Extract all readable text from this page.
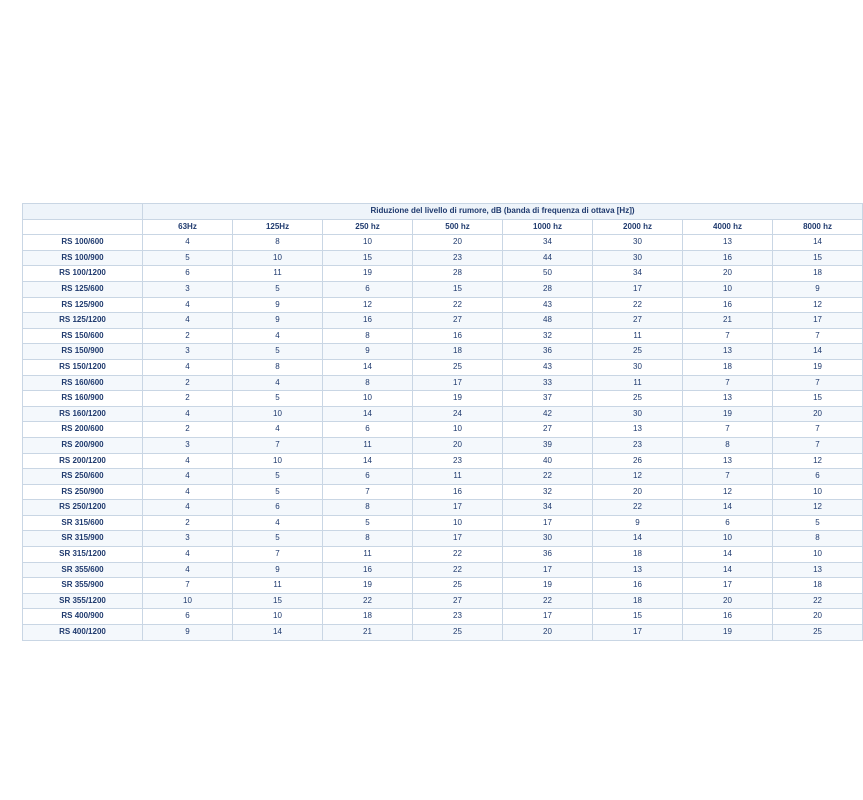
	Riduzione del livello di rumore, dB (banda di frequenza di ottava [Hz])							
	63Hz	125Hz	250 hz	500 hz	1000 hz	2000 hz	4000 hz	8000 hz
RS 100/600	4	8	10	20	34	30	13	14
RS 100/900	5	10	15	23	44	30	16	15
RS 100/1200	6	11	19	28	50	34	20	18
RS 125/600	3	5	6	15	28	17	10	9
RS 125/900	4	9	12	22	43	22	16	12
RS 125/1200	4	9	16	27	48	27	21	17
RS 150/600	2	4	8	16	32	11	7	7
RS 150/900	3	5	9	18	36	25	13	14
RS 150/1200	4	8	14	25	43	30	18	19
RS 160/600	2	4	8	17	33	11	7	7
RS 160/900	2	5	10	19	37	25	13	15
RS 160/1200	4	10	14	24	42	30	19	20
RS 200/600	2	4	6	10	27	13	7	7
RS 200/900	3	7	11	20	39	23	8	7
RS 200/1200	4	10	14	23	40	26	13	12
RS 250/600	4	5	6	11	22	12	7	6
RS 250/900	4	5	7	16	32	20	12	10
RS 250/1200	4	6	8	17	34	22	14	12
SR 315/600	2	4	5	10	17	9	6	5
SR 315/900	3	5	8	17	30	14	10	8
SR 315/1200	4	7	11	22	36	18	14	10
SR 355/600	4	9	16	22	17	13	14	13
SR 355/900	7	11	19	25	19	16	17	18
SR 355/1200	10	15	22	27	22	18	20	22
RS 400/900	6	10	18	23	17	15	16	20
RS 400/1200	9	14	21	25	20	17	19	25
